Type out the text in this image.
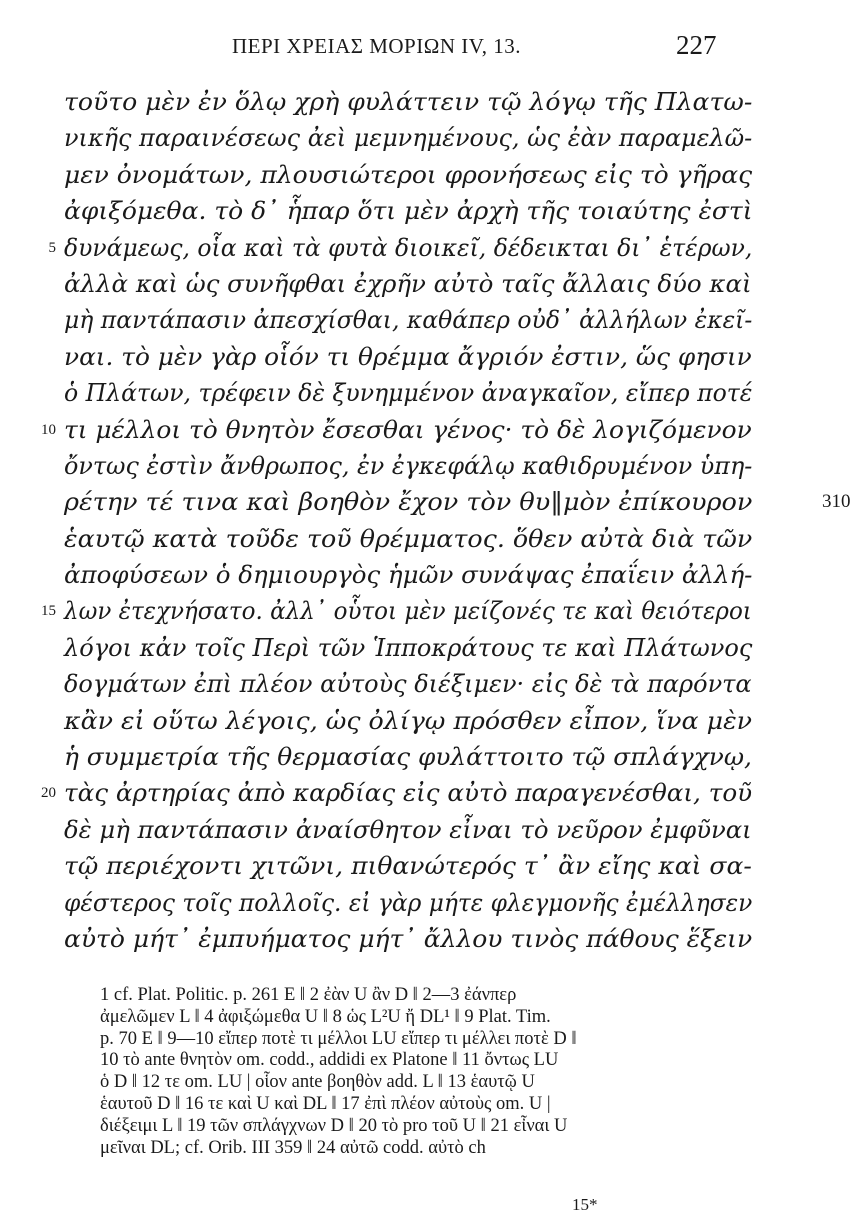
ΠΕΡΙ ΧΡΕΙΑΣ ΜΟΡΙΩΝ IV, 13.	227
τοῦτο μὲν ἐν ὅλῳ χρὴ φυλάττειν τῷ λόγῳ τῆς Πλατω-
νικῆς παραινέσεως ἀεὶ μεμνημένους, ὡς ἐὰν παραμελῶ-
μεν ὀνομάτων, πλουσιώτεροι φρονήσεως εἰς τὸ γῆρας
ἀφιξόμεθα. τὸ δ᾽ ἧπαρ ὅτι μὲν ἀρχὴ τῆς τοιαύτης ἐστὶ
5 δυνάμεως, οἷα καὶ τὰ φυτὰ διοικεῖ, δέδεικται δι᾽ ἑτέρων,
ἀλλὰ καὶ ὡς συνῆφθαι ἐχρῆν αὐτὸ ταῖς ἄλλαις δύο καὶ
μὴ παντάπασιν ἀπεσχίσθαι, καθάπερ οὐδ᾽ ἀλλήλων ἐκεῖ-
ναι. τὸ μὲν γὰρ οἷόν τι θρέμμα ἄγριόν ἐστιν, ὥς φησιν
ὁ Πλάτων, τρέφειν δὲ ξυνημμένον ἀναγκαῖον, εἴπερ ποτέ
10 τι μέλλοι τὸ θνητὸν ἔσεσθαι γένος· τὸ δὲ λογιζόμενον
ὄντως ἐστὶν ἄνθρωπος, ἐν ἐγκεφάλῳ καθιδρυμένον ὑπη-
ρέτην τέ τινα καὶ βοηθὸν ἔχον τὸν θυ‖μὸν ἐπίκουρον	310
ἑαυτῷ κατὰ τοῦδε τοῦ θρέμματος. ὅθεν αὐτὰ διὰ τῶν
ἀποφύσεων ὁ δημιουργὸς ἡμῶν συνάψας ἐπαΐειν ἀλλή-
15 λων ἐτεχνήσατο. ἀλλ᾽ οὗτοι μὲν μείζονές τε καὶ θειότεροι
λόγοι κἀν τοῖς Περὶ τῶν Ἱπποκράτους τε καὶ Πλάτωνος
δογμάτων ἐπὶ πλέον αὐτοὺς διέξιμεν· εἰς δὲ τὰ παρόντα
κἂν εἰ οὕτω λέγοις, ὡς ὀλίγῳ πρόσθεν εἶπον, ἵνα μὲν
ἡ συμμετρία τῆς θερμασίας φυλάττοιτο τῷ σπλάγχνῳ,
20 τὰς ἀρτηρίας ἀπὸ καρδίας εἰς αὐτὸ παραγενέσθαι, τοῦ
δὲ μὴ παντάπασιν ἀναίσθητον εἶναι τὸ νεῦρον ἐμφῦναι
τῷ περιέχοντι χιτῶνι, πιθανώτερός τ᾽ ἂν εἴης καὶ σα-
φέστερος τοῖς πολλοῖς. εἰ γὰρ μήτε φλεγμονῆς ἐμέλλησεν
αὐτὸ μήτ᾽ ἐμπυήματος μήτ᾽ ἄλλου τινὸς πάθους ἕξειν
1 cf. Plat. Politic. p. 261 E ‖ 2 ἐὰν U ἂν D ‖ 2—3 ἐάνπερ
ἀμελῶμεν L ‖ 4 ἀφιξώμεθα U ‖ 8 ὡς L²U ἤ DL¹ ‖ 9 Plat. Tim.
p. 70 E ‖ 9—10 εἴπερ ποτὲ τι μέλλοι LU εἴπερ τι μέλλει ποτὲ D ‖
10 τὸ ante θνητὸν om. codd., addidi ex Platone ‖ 11 ὄντως LU
ὁ D ‖ 12 τε om. LU | οἷον ante βοηθὸν add. L ‖ 13 ἑαυτῷ U
ἑαυτοῦ D ‖ 16 τε καὶ U καὶ DL ‖ 17 ἐπὶ πλέον αὐτοὺς om. U |
διέξειμι L ‖ 19 τῶν σπλάγχνων D ‖ 20 τὸ pro τοῦ U ‖ 21 εἶναι U
μεῖναι DL; cf. Orib. III 359 ‖ 24 αὐτῶ codd. αὐτὸ ch
15*
